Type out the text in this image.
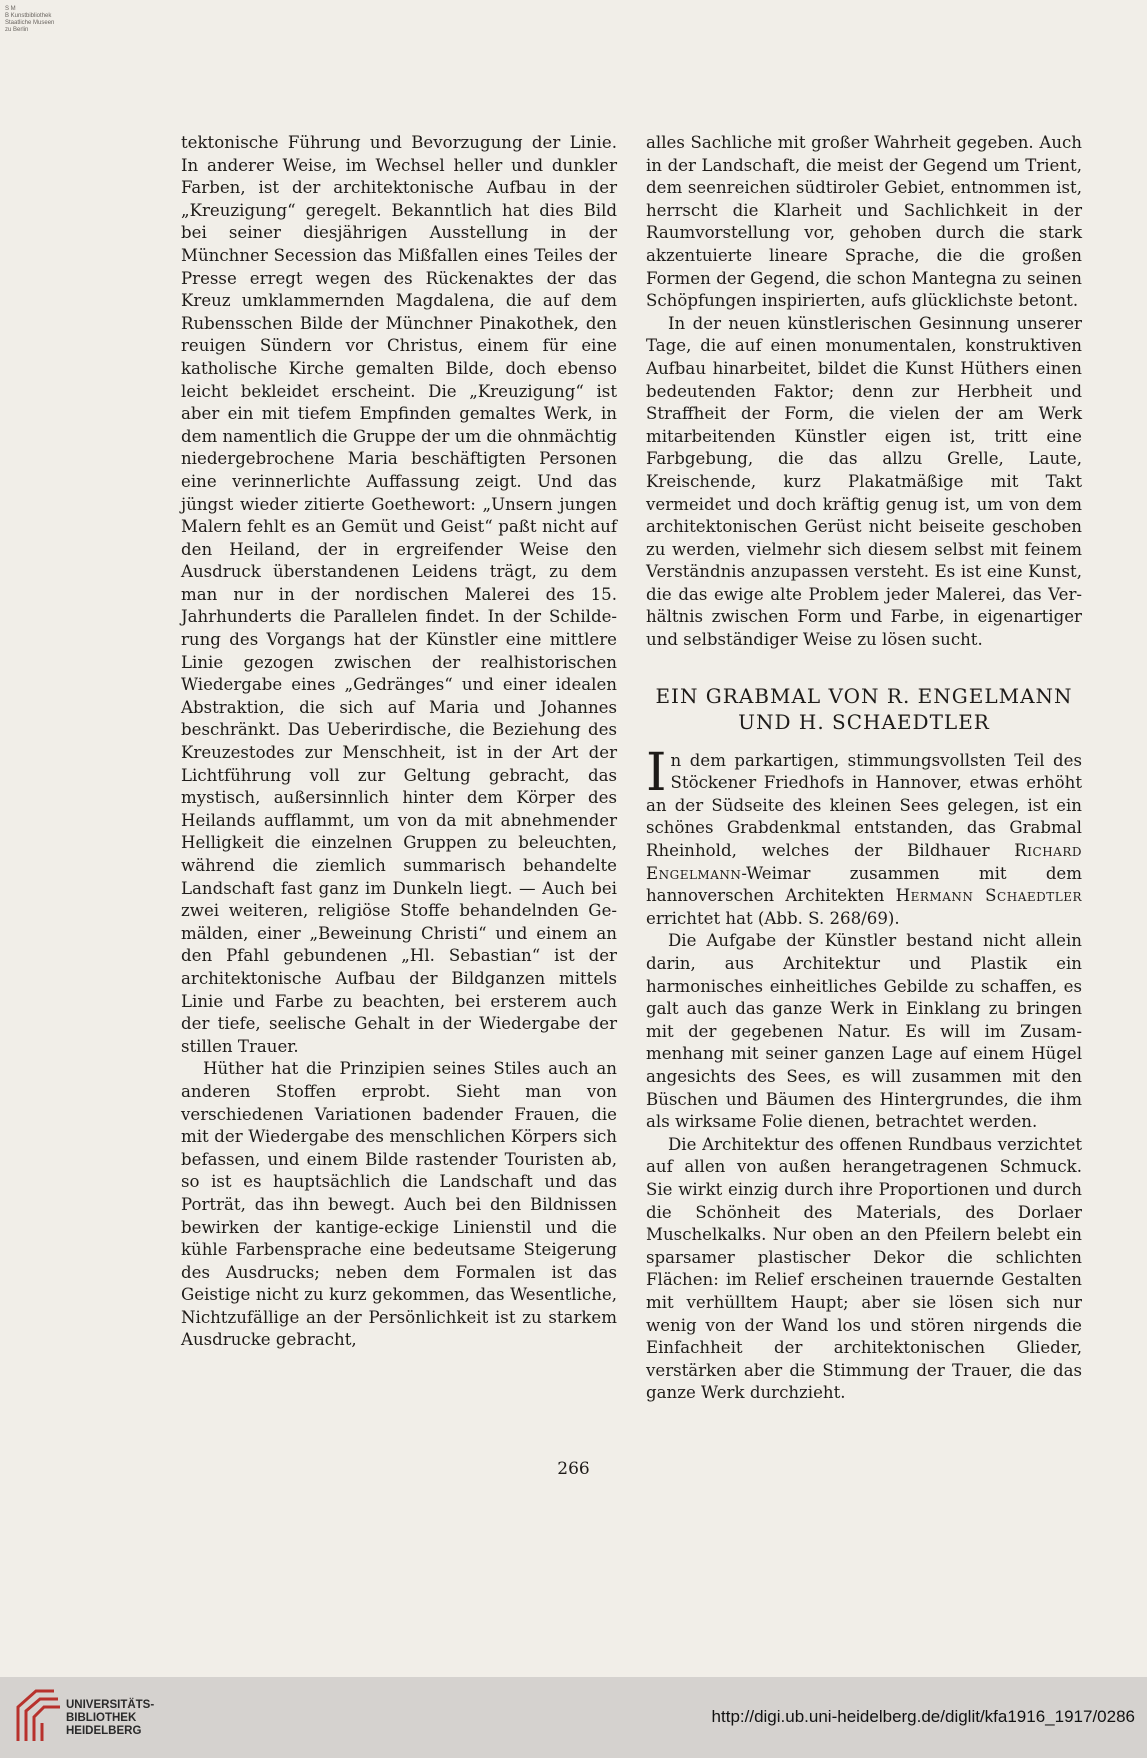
S M
B Kunstbibliothek
Staatliche Museen
zu Berlin

tektonische Führung und Bevorzugung der Linie. In anderer Weise, im Wechsel heller und dunkler Farben, ist der architektonische Aufbau in der „Kreuzigung“ geregelt. Bekanntlich hat dies Bild bei seiner diesjährigen Ausstellung in der Münchner Secession das Mißfallen eines Teiles der Presse erregt wegen des Rückenaktes der das Kreuz umklammernden Magdalena, die auf dem Rubensschen Bilde der Münchner Pinakothek, den reuigen Sündern vor Christus, einem für eine katholische Kirche gemalten Bilde, doch ebenso leicht bekleidet erscheint. Die „Kreuzigung“ ist aber ein mit tiefem Empfinden gemaltes Werk, in dem namentlich die Gruppe der um die ohnmächtig niedergebrochene Maria beschäftigten Personen eine verinnerlichte Auffassung zeigt. Und das jüngst wieder zitierte Goethewort: „Unsern jungen Malern fehlt es an Gemüt und Geist“ paßt nicht auf den Heiland, der in ergreifender Weise den Ausdruck überstandenen Leidens trägt, zu dem man nur in der nordischen Malerei des 15. Jahrhunderts die Parallelen findet. In der Schilderung des Vorgangs hat der Künstler eine mittlere Linie gezogen zwischen der realhistorischen Wiedergabe eines „Gedränges“ und einer idealen Abstraktion, die sich auf Maria und Johannes beschränkt. Das Ueberirdische, die Beziehung des Kreuzestodes zur Menschheit, ist in der Art der Lichtführung voll zur Geltung gebracht, das mystisch, außersinnlich hinter dem Körper des Heilands aufflammt, um von da mit abnehmender Helligkeit die einzelnen Gruppen zu beleuchten, während die ziemlich summarisch behandelte Landschaft fast ganz im Dunkeln liegt. — Auch bei zwei weiteren, religiöse Stoffe behandelnden Gemälden, einer „Beweinung Christi“ und einem an den Pfahl gebundenen „Hl. Sebastian“ ist der architektonische Aufbau der Bildganzen mittels Linie und Farbe zu beachten, bei ersterem auch der tiefe, seelische Gehalt in der Wiedergabe der stillen Trauer.

Hüther hat die Prinzipien seines Stiles auch an anderen Stoffen erprobt. Sieht man von verschiedenen Variationen badender Frauen, die mit der Wiedergabe des menschlichen Körpers sich befassen, und einem Bilde rastender Touristen ab, so ist es hauptsächlich die Landschaft und das Porträt, das ihn bewegt. Auch bei den Bildnissen bewirken der kantige-eckige Linienstil und die kühle Farbensprache eine bedeutsame Steigerung des Ausdrucks; neben dem Formalen ist das Geistige nicht zu kurz gekommen, das Wesentliche, Nichtzufällige an der Persönlichkeit ist zu starkem Ausdrucke gebracht,

alles Sachliche mit großer Wahrheit gegeben. Auch in der Landschaft, die meist der Gegend um Trient, dem seenreichen südtiroler Gebiet, entnommen ist, herrscht die Klarheit und Sachlichkeit in der Raumvorstellung vor, gehoben durch die stark akzentuierte lineare Sprache, die die großen Formen der Gegend, die schon Mantegna zu seinen Schöpfungen inspirierten, aufs glücklichste betont.

In der neuen künstlerischen Gesinnung unserer Tage, die auf einen monumentalen, konstruktiven Aufbau hinarbeitet, bildet die Kunst Hüthers einen bedeutenden Faktor; denn zur Herbheit und Straffheit der Form, die vielen der am Werk mitarbeitenden Künstler eigen ist, tritt eine Farbgebung, die das allzu Grelle, Laute, Kreischende, kurz Plakatmäßige mit Takt vermeidet und doch kräftig genug ist, um von dem architektonischen Gerüst nicht beiseite geschoben zu werden, vielmehr sich diesem selbst mit feinem Verständnis anzupassen versteht. Es ist eine Kunst, die das ewige alte Problem jeder Malerei, das Verhältnis zwischen Form und Farbe, in eigenartiger und selbständiger Weise zu lösen sucht.

EIN GRABMAL VON R. ENGELMANN
UND H. SCHAEDTLER

In dem parkartigen, stimmungsvollsten Teil des Stöckener Friedhofs in Hannover, etwas erhöht an der Südseite des kleinen Sees gelegen, ist ein schönes Grabdenkmal entstanden, das Grabmal Rheinhold, welches der Bildhauer Richard Engelmann-Weimar zusammen mit dem hannoverschen Architekten Hermann Schaedtler errichtet hat (Abb. S. 268/69).

Die Aufgabe der Künstler bestand nicht allein darin, aus Architektur und Plastik ein harmonisches einheitliches Gebilde zu schaffen, es galt auch das ganze Werk in Einklang zu bringen mit der gegebenen Natur. Es will im Zusammenhang mit seiner ganzen Lage auf einem Hügel angesichts des Sees, es will zusammen mit den Büschen und Bäumen des Hintergrundes, die ihm als wirksame Folie dienen, betrachtet werden.

Die Architektur des offenen Rundbaus verzichtet auf allen von außen herangetragenen Schmuck. Sie wirkt einzig durch ihre Proportionen und durch die Schönheit des Materials, des Dorlaer Muschelkalks. Nur oben an den Pfeilern belebt ein sparsamer plastischer Dekor die schlichten Flächen: im Relief erscheinen trauernde Gestalten mit verhülltem Haupt; aber sie lösen sich nur wenig von der Wand los und stören nirgends die Einfachheit der architektonischen Glieder, verstärken aber die Stimmung der Trauer, die das ganze Werk durchzieht.

266
UNIVERSITÄTS-
BIBLIOTHEK
HEIDELBERG
http://digi.ub.uni-heidelberg.de/diglit/kfa1916_1917/0286
